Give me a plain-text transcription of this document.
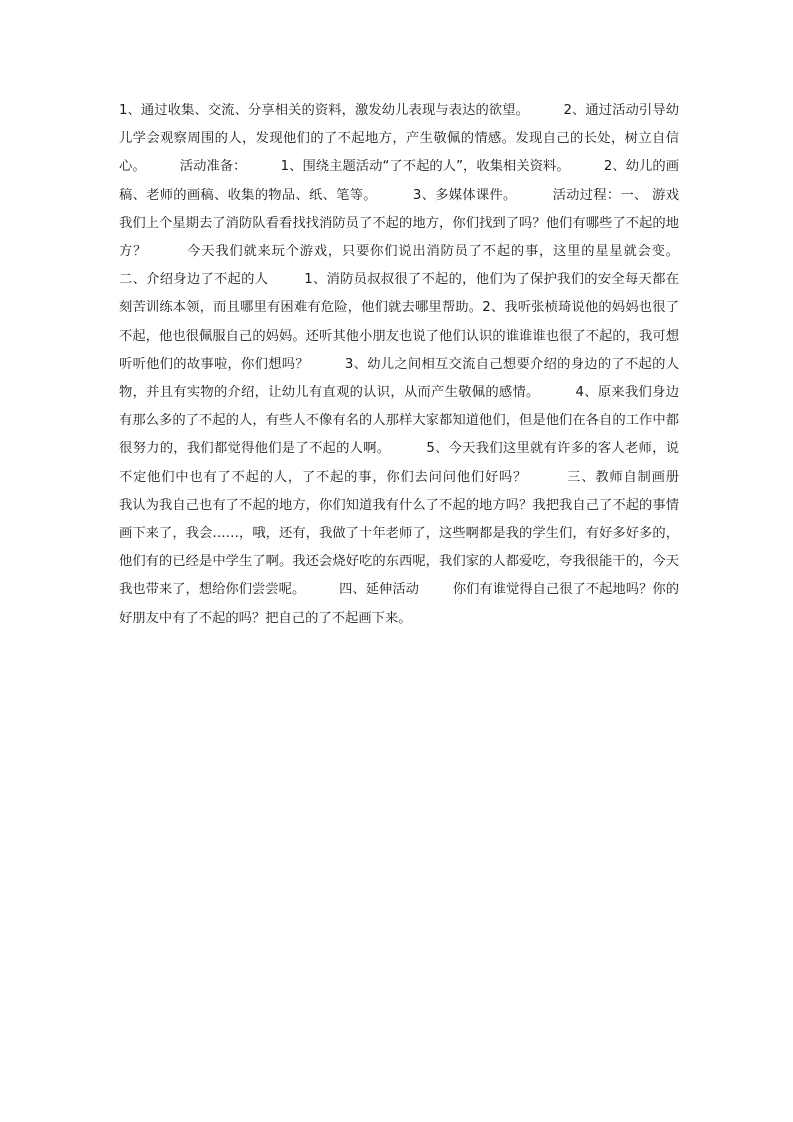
1、通过收集、交流、分享相关的资料，激发幼儿表现与表达的欲望。        2、通过活动引导幼儿学会观察周围的人，发现他们的了不起地方，产生敬佩的情感。发现自己的长处，树立自信心。        活动准备：        1、围绕主题活动“了不起的人”，收集相关资料。        2、幼儿的画稿、老师的画稿、收集的物品、纸、笔等。        3、多媒体课件。        活动过程：一、 游戏        我们上个星期去了消防队看看找找消防员了不起的地方，你们找到了吗？他们有哪些了不起的地方？        今天我们就来玩个游戏，只要你们说出消防员了不起的事，这里的星星就会变。        二、介绍身边了不起的人        1、消防员叔叔很了不起的，他们为了保护我们的安全每天都在刻苦训练本领，而且哪里有困难有危险，他们就去哪里帮助。2、我听张桢琦说他的妈妈也很了不起，他也很佩服自己的妈妈。还听其他小朋友也说了他们认识的谁谁谁也很了不起的，我可想听听他们的故事啦，你们想吗？        3、幼儿之间相互交流自己想要介绍的身边的了不起的人物，并且有实物的介绍，让幼儿有直观的认识，从而产生敬佩的感情。        4、原来我们身边有那么多的了不起的人，有些人不像有名的人那样大家都知道他们，但是他们在各自的工作中都很努力的，我们都觉得他们是了不起的人啊。        5、今天我们这里就有许多的客人老师，说不定他们中也有了不起的人，了不起的事，你们去问问他们好吗？        三、教师自制画册        我认为我自己也有了不起的地方，你们知道我有什么了不起的地方吗？我把我自己了不起的事情画下来了，我会……，哦，还有，我做了十年老师了，这些啊都是我的学生们，有好多好多的，他们有的已经是中学生了啊。我还会烧好吃的东西呢，我们家的人都爱吃，夸我很能干的，今天我也带来了，想给你们尝尝呢。        四、延伸活动        你们有谁觉得自己很了不起地吗？你的好朋友中有了不起的吗？把自己的了不起画下来。
